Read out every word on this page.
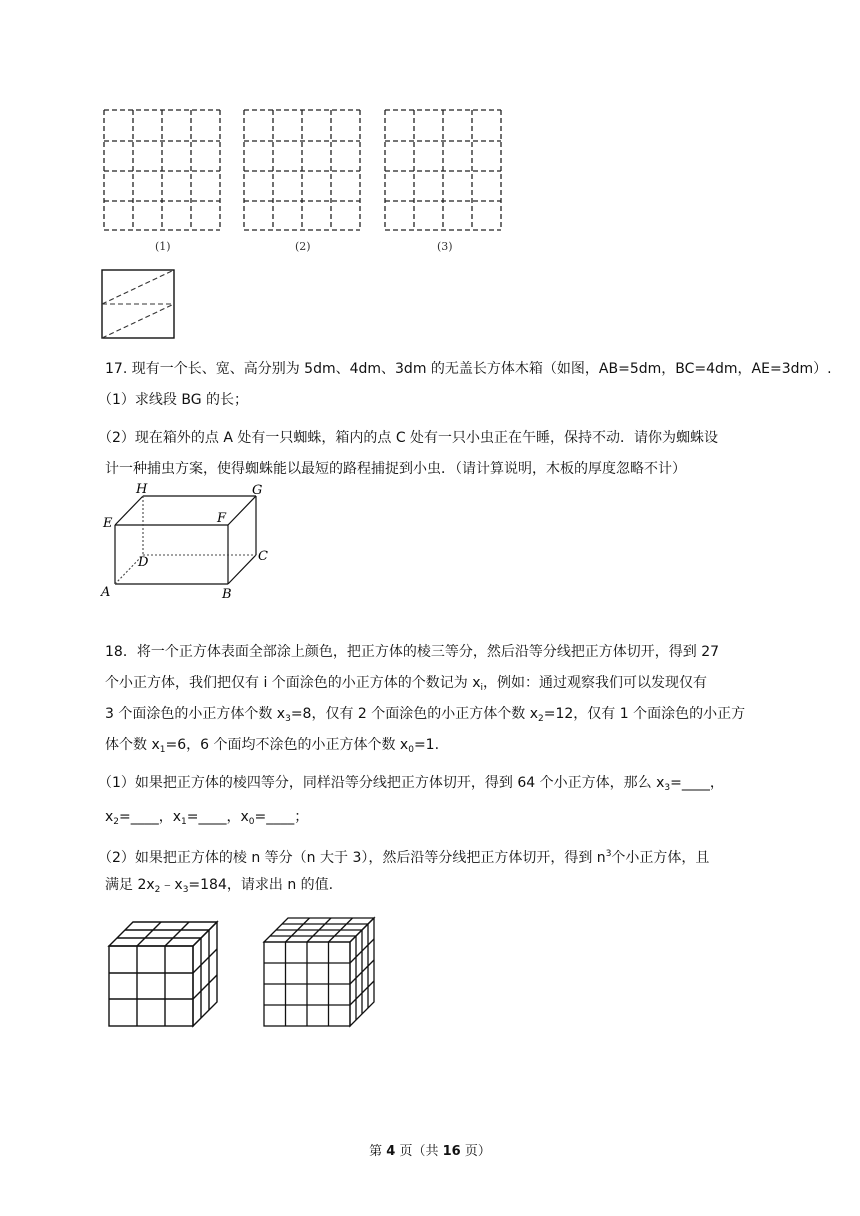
(1)	(2)	(3)
17. 现有一个长、宽、高分别为 5dm、4dm、3dm 的无盖长方体木箱（如图，AB=5dm，BC=4dm，AE=3dm）.
（1）求线段 BG 的长；
（2）现在箱外的点 A 处有一只蜘蛛，箱内的点 C 处有一只小虫正在午睡，保持不动．请你为蜘蛛设
计一种捕虫方案，使得蜘蛛能以最短的路程捕捉到小虫．（请计算说明，木板的厚度忽略不计）
H	G
E	F
D	C
A	B
18．将一个正方体表面全部涂上颜色，把正方体的棱三等分，然后沿等分线把正方体切开，得到 27
个小正方体，我们把仅有 i 个面涂色的小正方体的个数记为 $x_i$，例如：通过观察我们可以发现仅有
3 个面涂色的小正方体个数 $x_3=8$，仅有 2 个面涂色的小正方体个数 $x_2=12$，仅有 1 个面涂色的小正方
体个数 $x_1=6$，6 个面均不涂色的小正方体个数 $x_0=1$.
（1）如果把正方体的棱四等分，同样沿等分线把正方体切开，得到 64 个小正方体，那么 $x_3=\_\_\_\_$，
$x_2=\_\_\_\_$，$x_1=\_\_\_\_$，$x_0=\_\_\_\_$；
（2）如果把正方体的棱 n 等分（n 大于 3），然后沿等分线把正方体切开，得到 $n^3$个小正方体，且
满足 $2x_2﹣x_3=184$，请求出 n 的值.
第 4 页（共 16 页）
